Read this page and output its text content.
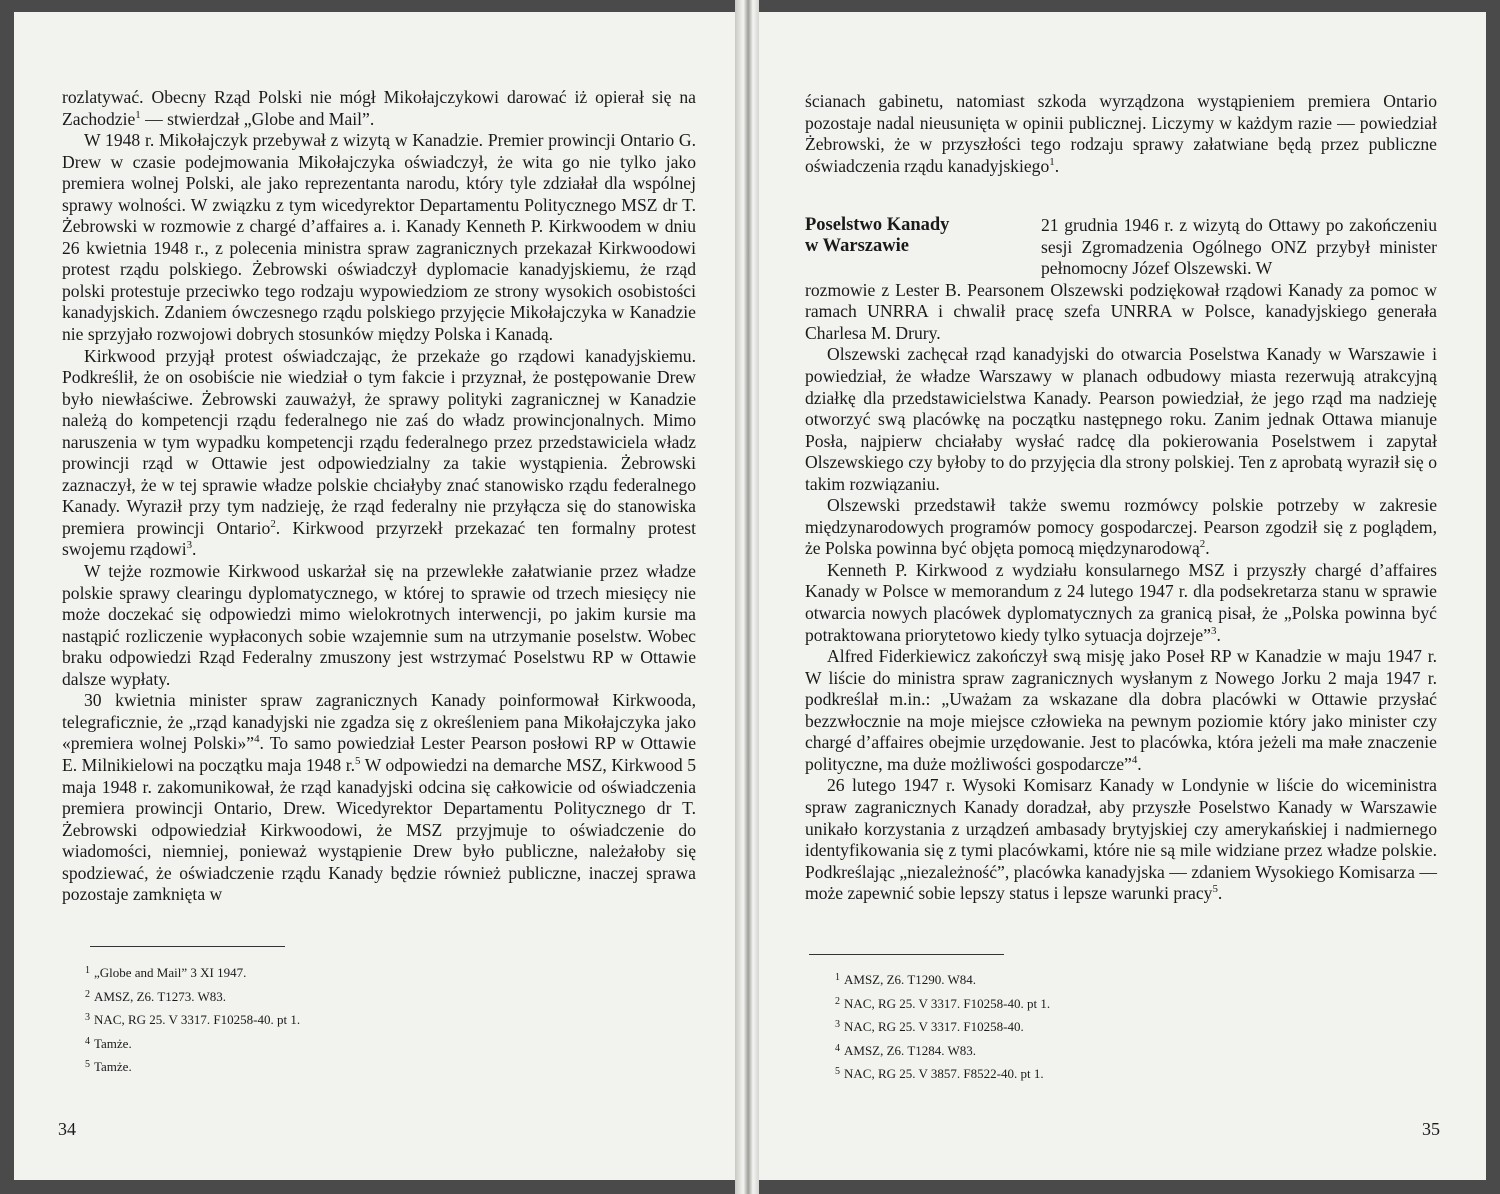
rozlatywać. Obecny Rząd Polski nie mógł Mikołajczykowi darować iż opierał się na Zachodzie$^1$ — stwierdzał „Globe and Mail”.

W 1948 r. Mikołajczyk przebywał z wizytą w Kanadzie. Premier prowincji Ontario G. Drew w czasie podejmowania Mikołajczyka oświadczył, że wita go nie tylko jako premiera wolnej Polski, ale jako reprezentanta narodu, który tyle zdziałał dla wspólnej sprawy wolności. W związku z tym wicedyrektor Departamentu Politycznego MSZ dr T. Żebrowski w rozmowie z chargé d’affaires a. i. Kanady Kenneth P. Kirkwoodem w dniu 26 kwietnia 1948 r., z polecenia ministra spraw zagranicznych przekazał Kirkwoodowi protest rządu polskiego. Żebrowski oświadczył dyplomacie kanadyjskiemu, że rząd polski protestuje przeciwko tego rodzaju wypowiedziom ze strony wysokich osobistości kanadyjskich. Zdaniem ówczesnego rządu polskiego przyjęcie Mikołajczyka w Kanadzie nie sprzyjało rozwojowi dobrych stosunków między Polska i Kanadą.

Kirkwood przyjął protest oświadczając, że przekaże go rządowi kanadyjskiemu. Podkreślił, że on osobiście nie wiedział o tym fakcie i przyznał, że postępowanie Drew było niewłaściwe. Żebrowski zauważył, że sprawy polityki zagranicznej w Kanadzie należą do kompetencji rządu federalnego nie zaś do władz prowincjonalnych. Mimo naruszenia w tym wypadku kompetencji rządu federalnego przez przedstawiciela władz prowincji rząd w Ottawie jest odpowiedzialny za takie wystąpienia. Żebrowski zaznaczył, że w tej sprawie władze polskie chciałyby znać stanowisko rządu federalnego Kanady. Wyraził przy tym nadzieję, że rząd federalny nie przyłącza się do stanowiska premiera prowincji Ontario$^2$. Kirkwood przyrzekł przekazać ten formalny protest swojemu rządowi$^3$.

W tejże rozmowie Kirkwood uskarżał się na przewlekłe załatwianie przez władze polskie sprawy clearingu dyplomatycznego, w której to sprawie od trzech miesięcy nie może doczekać się odpowiedzi mimo wielokrotnych interwencji, po jakim kursie ma nastąpić rozliczenie wypłaconych sobie wzajemnie sum na utrzymanie poselstw. Wobec braku odpowiedzi Rząd Federalny zmuszony jest wstrzymać Poselstwu RP w Ottawie dalsze wypłaty.

30 kwietnia minister spraw zagranicznych Kanady poinformował Kirkwooda, telegraficznie, że „rząd kanadyjski nie zgadza się z określeniem pana Mikołajczyka jako «premiera wolnej Polski»”$^4$. To samo powiedział Lester Pearson posłowi RP w Ottawie E. Milnikielowi na początku maja 1948 r.$^5$ W odpowiedzi na demarche MSZ, Kirkwood 5 maja 1948 r. zakomunikował, że rząd kanadyjski odcina się całkowicie od oświadczenia premiera prowincji Ontario, Drew. Wicedyrektor Departamentu Politycznego dr T. Żebrowski odpowiedział Kirkwoodowi, że MSZ przyjmuje to oświadczenie do wiadomości, niemniej, ponieważ wystąpienie Drew było publiczne, należałoby się spodziewać, że oświadczenie rządu Kanady będzie również publiczne, inaczej sprawa pozostaje zamknięta w

$^1$ „Globe and Mail” 3 XI 1947.
$^2$ AMSZ, Z6. T1273. W83.
$^3$ NAC, RG 25. V 3317. F10258-40. pt 1.
$^4$ Tamże.
$^5$ Tamże.
34

ścianach gabinetu, natomiast szkoda wyrządzona wystąpieniem premiera Ontario pozostaje nadal nieusunięta w opinii publicznej. Liczymy w każdym razie — powiedział Żebrowski, że w przyszłości tego rodzaju sprawy załatwiane będą przez publiczne oświadczenia rządu kanadyjskiego$^1$.

Poselstwo Kanady
w Warszawie
21 grudnia 1946 r. z wizytą do Ottawy po zakończeniu sesji Zgromadzenia Ogólnego ONZ przybył minister pełnomocny Józef Olszewski. W

rozmowie z Lester B. Pearsonem Olszewski podziękował rządowi Kanady za pomoc w ramach UNRRA i chwalił pracę szefa UNRRA w Polsce, kanadyjskiego generała Charlesa M. Drury.

Olszewski zachęcał rząd kanadyjski do otwarcia Poselstwa Kanady w Warszawie i powiedział, że władze Warszawy w planach odbudowy miasta rezerwują atrakcyjną działkę dla przedstawicielstwa Kanady. Pearson powiedział, że jego rząd ma nadzieję otworzyć swą placówkę na początku następnego roku. Zanim jednak Ottawa mianuje Posła, najpierw chciałaby wysłać radcę dla pokierowania Poselstwem i zapytał Olszewskiego czy byłoby to do przyjęcia dla strony polskiej. Ten z aprobatą wyraził się o takim rozwiązaniu.

Olszewski przedstawił także swemu rozmówcy polskie potrzeby w zakresie międzynarodowych programów pomocy gospodarczej. Pearson zgodził się z poglądem, że Polska powinna być objęta pomocą międzynarodową$^2$.

Kenneth P. Kirkwood z wydziału konsularnego MSZ i przyszły chargé d’affaires Kanady w Polsce w memorandum z 24 lutego 1947 r. dla podsekretarza stanu w sprawie otwarcia nowych placówek dyplomatycznych za granicą pisał, że „Polska powinna być potraktowana priorytetowo kiedy tylko sytuacja dojrzeje”$^3$.

Alfred Fiderkiewicz zakończył swą misję jako Poseł RP w Kanadzie w maju 1947 r. W liście do ministra spraw zagranicznych wysłanym z Nowego Jorku 2 maja 1947 r. podkreślał m.in.: „Uważam za wskazane dla dobra placówki w Ottawie przysłać bezzwłocznie na moje miejsce człowieka na pewnym poziomie który jako minister czy chargé d’affaires obejmie urzędowanie. Jest to placówka, która jeżeli ma małe znaczenie polityczne, ma duże możliwości gospodarcze”$^4$.

26 lutego 1947 r. Wysoki Komisarz Kanady w Londynie w liście do wiceministra spraw zagranicznych Kanady doradzał, aby przyszłe Poselstwo Kanady w Warszawie unikało korzystania z urządzeń ambasady brytyjskiej czy amerykańskiej i nadmiernego identyfikowania się z tymi placówkami, które nie są mile widziane przez władze polskie. Podkreślając „niezależność”, placówka kanadyjska — zdaniem Wysokiego Komisarza — może zapewnić sobie lepszy status i lepsze warunki pracy$^5$.

$^1$ AMSZ, Z6. T1290. W84.
$^2$ NAC, RG 25. V 3317. F10258-40. pt 1.
$^3$ NAC, RG 25. V 3317. F10258-40.
$^4$ AMSZ, Z6. T1284. W83.
$^5$ NAC, RG 25. V 3857. F8522-40. pt 1.
35
